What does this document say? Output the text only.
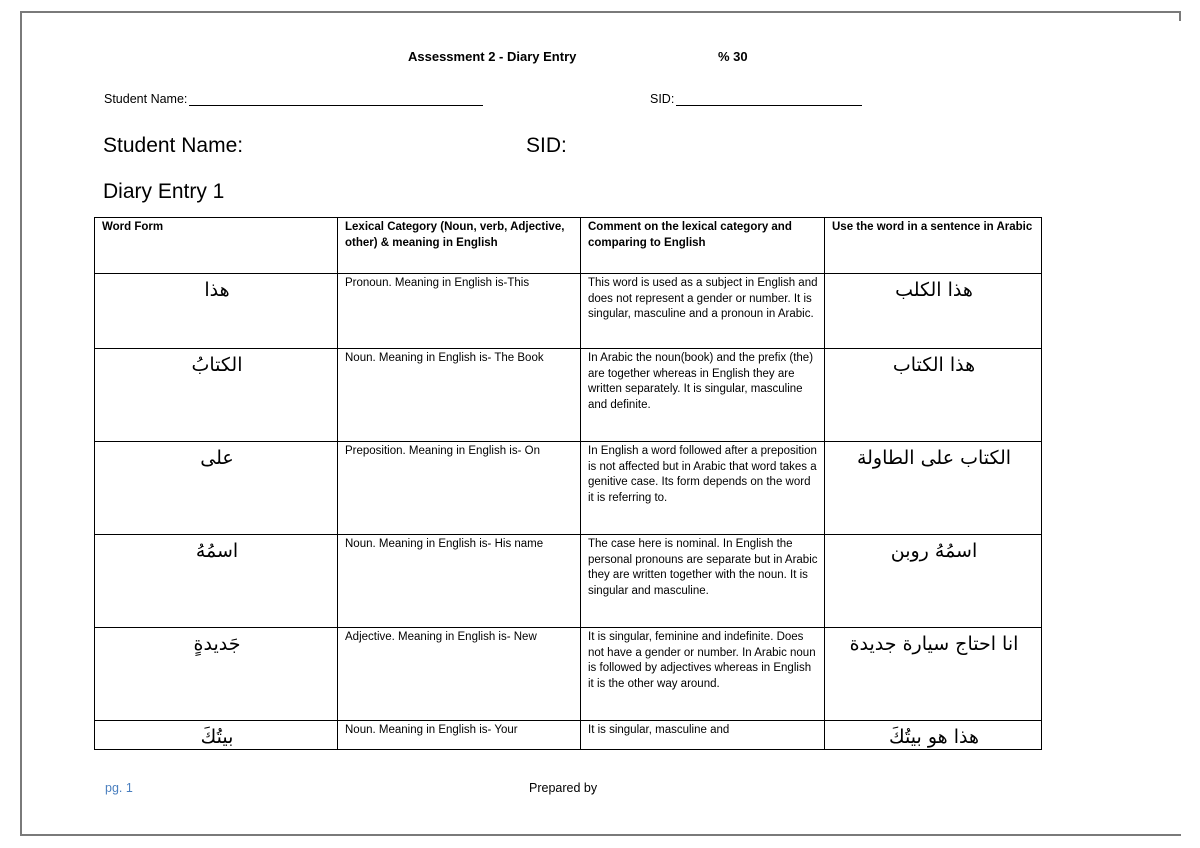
Assessment 2 - Diary Entry	% 30
Student Name:	SID:
Student Name:	SID:
Diary Entry 1
Word Form	Lexical Category (Noun, verb, Adjective, other) & meaning in English	Comment on the lexical category and comparing to English	Use the word in a sentence in Arabic
هذا	Pronoun. Meaning in English is-This	This word is used as a subject in English and does not represent a gender or number. It is singular, masculine and a pronoun in Arabic.	هذا الكلب
الكتابُ	Noun. Meaning in English is- The Book	In Arabic the noun(book) and the prefix (the) are together whereas in English they are written separately. It is singular, masculine and definite.	هذا الكتاب
على	Preposition. Meaning in English is- On	In English a word followed after a preposition is not affected but in Arabic that word takes a genitive case. Its form depends on the word it is referring to.	الكتاب على الطاولة
اسمُهُ	Noun. Meaning in English is- His name	The case here is nominal. In English the personal pronouns are separate but in Arabic they are written together with the noun. It is singular and masculine.	اسمُهُ روبن
جَديدةٍ	Adjective. Meaning in English is- New	It is singular, feminine and indefinite. Does not have a gender or number. In Arabic noun is followed by adjectives whereas in English it is the other way around.	انا احتاج سيارة جديدة
بيتُكَ	Noun. Meaning in English is- Your	It is singular, masculine and	هذا هو بيتُكَ
pg. 1	Prepared by
